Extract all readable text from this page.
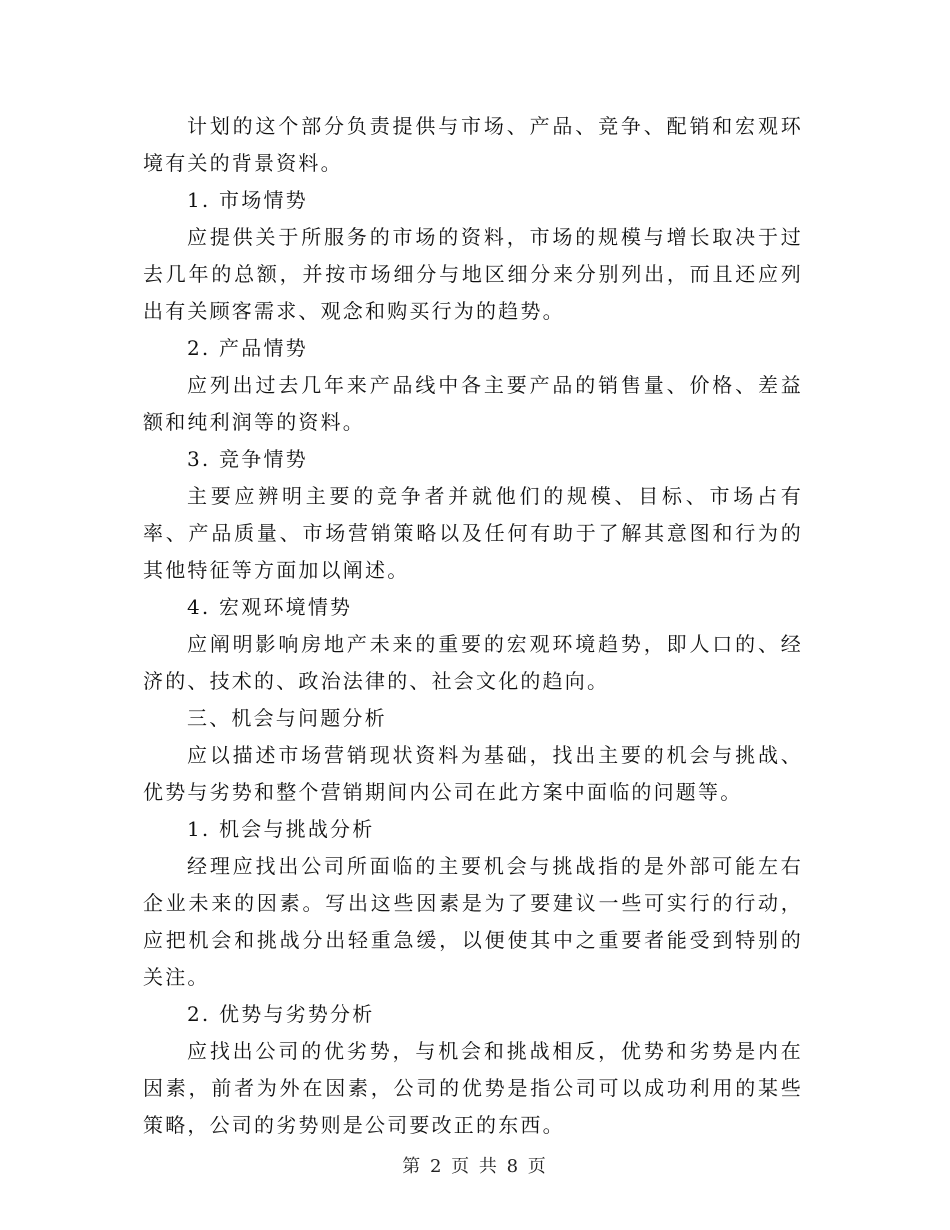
计划的这个部分负责提供与市场、产品、竞争、配销和宏观环境有关的背景资料。

1. 市场情势

应提供关于所服务的市场的资料，市场的规模与增长取决于过去几年的总额，并按市场细分与地区细分来分别列出，而且还应列出有关顾客需求、观念和购买行为的趋势。

2. 产品情势

应列出过去几年来产品线中各主要产品的销售量、价格、差益额和纯利润等的资料。

3. 竞争情势

主要应辨明主要的竞争者并就他们的规模、目标、市场占有率、产品质量、市场营销策略以及任何有助于了解其意图和行为的其他特征等方面加以阐述。

4. 宏观环境情势

应阐明影响房地产未来的重要的宏观环境趋势，即人口的、经济的、技术的、政治法律的、社会文化的趋向。

三、机会与问题分析

应以描述市场营销现状资料为基础，找出主要的机会与挑战、优势与劣势和整个营销期间内公司在此方案中面临的问题等。

1. 机会与挑战分析

经理应找出公司所面临的主要机会与挑战指的是外部可能左右企业未来的因素。写出这些因素是为了要建议一些可实行的行动，应把机会和挑战分出轻重急缓，以便使其中之重要者能受到特别的关注。

2. 优势与劣势分析

应找出公司的优劣势，与机会和挑战相反，优势和劣势是内在因素，前者为外在因素，公司的优势是指公司可以成功利用的某些策略，公司的劣势则是公司要改正的东西。

第 2 页 共 8 页
